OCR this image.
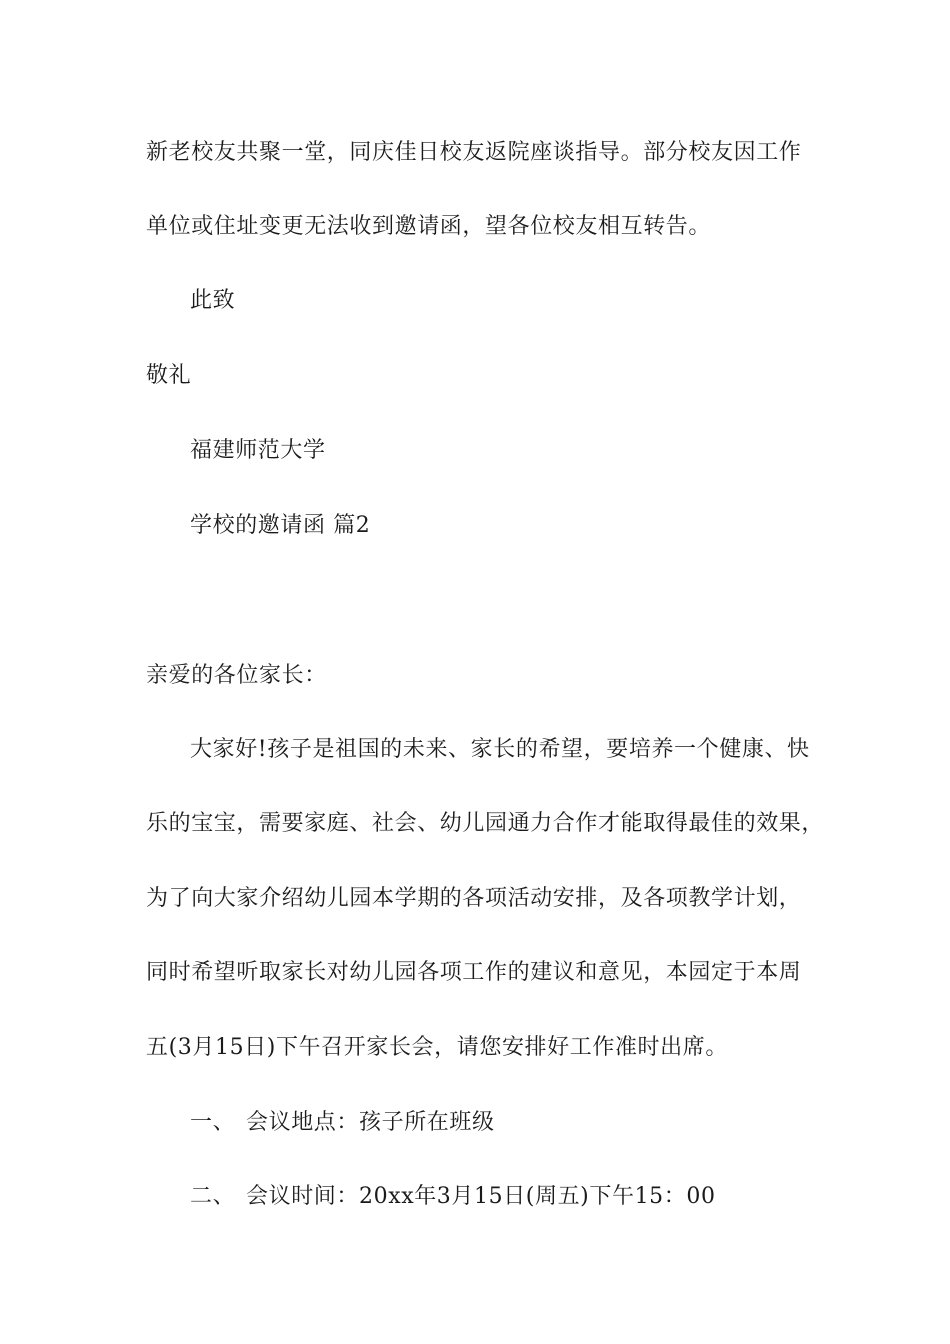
新老校友共聚一堂，同庆佳日校友返院座谈指导。部分校友因工作
单位或住址变更无法收到邀请函，望各位校友相互转告。
此致
敬礼
福建师范大学
学校的邀请函 篇2
亲爱的各位家长：
大家好!孩子是祖国的未来、家长的希望，要培养一个健康、快
乐的宝宝，需要家庭、社会、幼儿园通力合作才能取得最佳的效果，
为了向大家介绍幼儿园本学期的各项活动安排，及各项教学计划，
同时希望听取家长对幼儿园各项工作的建议和意见，本园定于本周
五(3月15日)下午召开家长会，请您安排好工作准时出席。
一、 会议地点：孩子所在班级
二、 会议时间：20xx年3月15日(周五)下午15：00
